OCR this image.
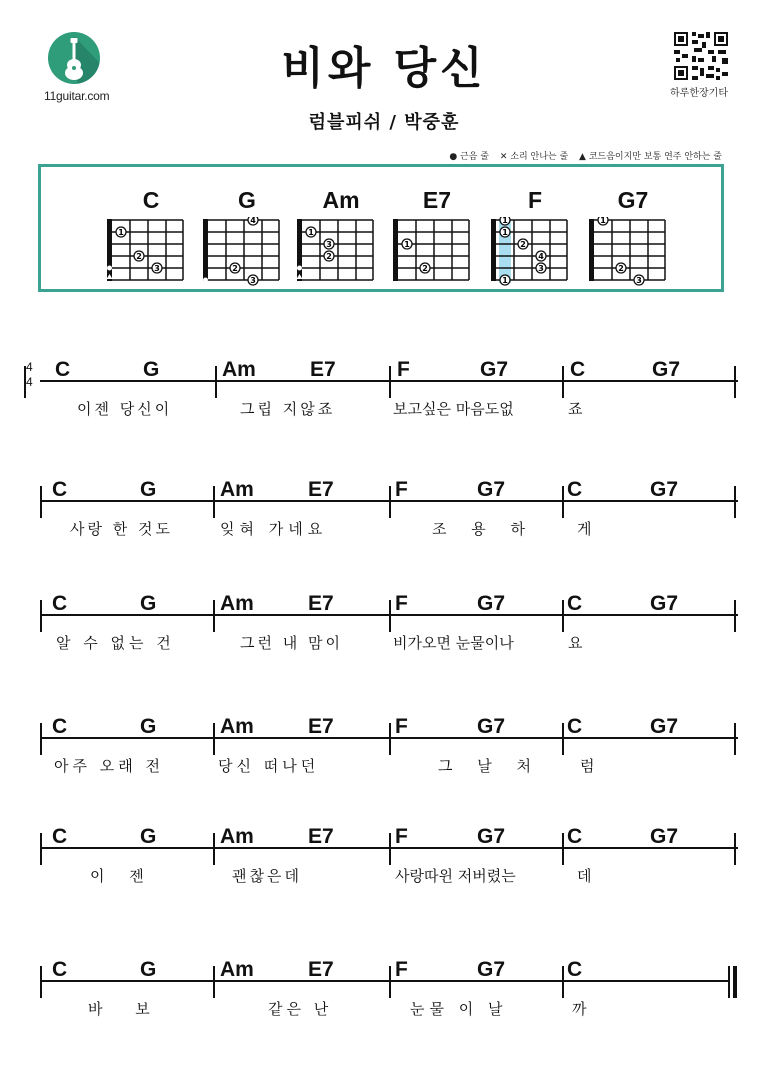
11guitar.com
비와 당신
럼블피쉬 / 박중훈
하루한장기타
● 근음 줄 ✕ 소리 안나는 줄 ▲ 코드음이지만 보통 연주 안하는 줄
C
1
2
3
G
4
2
3
Am
1
3
2
E7
1
2
F
1
1
2
4
3
1
G7
1
2
3
4
4
C	G	Am	E7	F	G7	C	G7
이젠 당신이	그립 지않죠	보고싶은 마음도없	죠
C	G	Am	E7	F	G7	C	G7
사랑 한 것도	잊혀 가네요	조 용 하	게
C	G	Am	E7	F	G7	C	G7
알 수 없는 건	그런 내 맘이	비가오면 눈물이나	요
C	G	Am	E7	F	G7	C	G7
아주 오래 전	당신 떠나던	그 날 처	럼
C	G	Am	E7	F	G7	C	G7
이 젠	괜찮은데	사랑따윈 저버렸는	데
C	G	Am	E7	F	G7	C
바 보	같은 난	눈물 이 날	까
